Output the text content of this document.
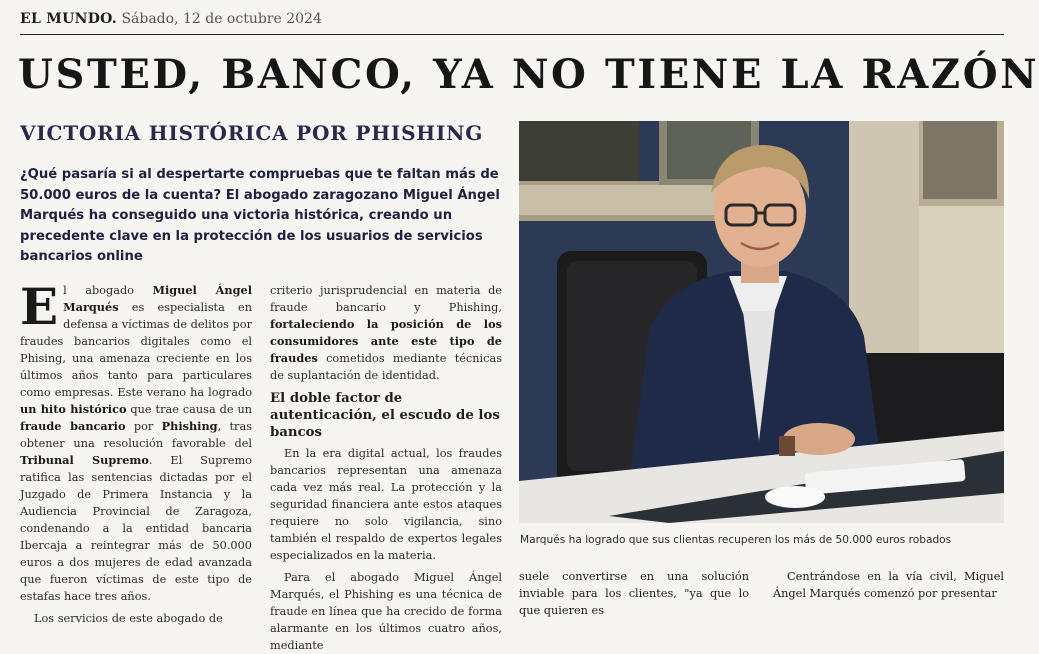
EL MUNDO. Sábado, 12 de octubre 2024
USTED, BANCO, YA NO TIENE LA RAZÓN
VICTORIA HISTÓRICA POR PHISHING

¿Qué pasaría si al despertarte compruebas que te faltan más de 50.000 euros de la cuenta? El abogado zaragozano Miguel Ángel Marqués ha conseguido una victoria histórica, creando un precedente clave en la protección de los usuarios de servicios bancarios online

El abogado Miguel Ángel Marqués es especialista en defensa a víctimas de delitos por fraudes bancarios digitales como el Phising, una amenaza creciente en los últimos años tanto para particulares como empresas. Este verano ha logrado un hito histórico que trae causa de un fraude bancario por Phishing, tras obtener una resolución favorable del Tribunal Supremo. El Supremo ratifica las sentencias dictadas por el Juzgado de Primera Instancia y la Audiencia Provincial de Zaragoza, condenando a la entidad bancaria Ibercaja a reintegrar más de 50.000 euros a dos mujeres de edad avanzada que fueron víctimas de este tipo de estafas hace tres años.

Los servicios de este abogado de

criterio jurisprudencial en materia de fraude bancario y Phishing, fortaleciendo la posición de los consumidores ante este tipo de fraudes cometidos mediante técnicas de suplantación de identidad.

El doble factor de autenticación, el escudo de los bancos

En la era digital actual, los fraudes bancarios representan una amenaza cada vez más real. La protección y la seguridad financiera ante estos ataques requiere no solo vigilancia, sino también el respaldo de expertos legales especializados en la materia.

Para el abogado Miguel Ángel Marqués, el Phishing es una técnica de fraude en línea que ha crecido de forma alarmante en los últimos cuatro años, mediante

Marqués ha logrado que sus clientas recuperen los más de 50.000 euros robados

suele convertirse en una solución inviable para los clientes, "ya que lo que quieren es

Centrándose en la vía civil, Miguel Ángel Marqués comenzó por presentar
